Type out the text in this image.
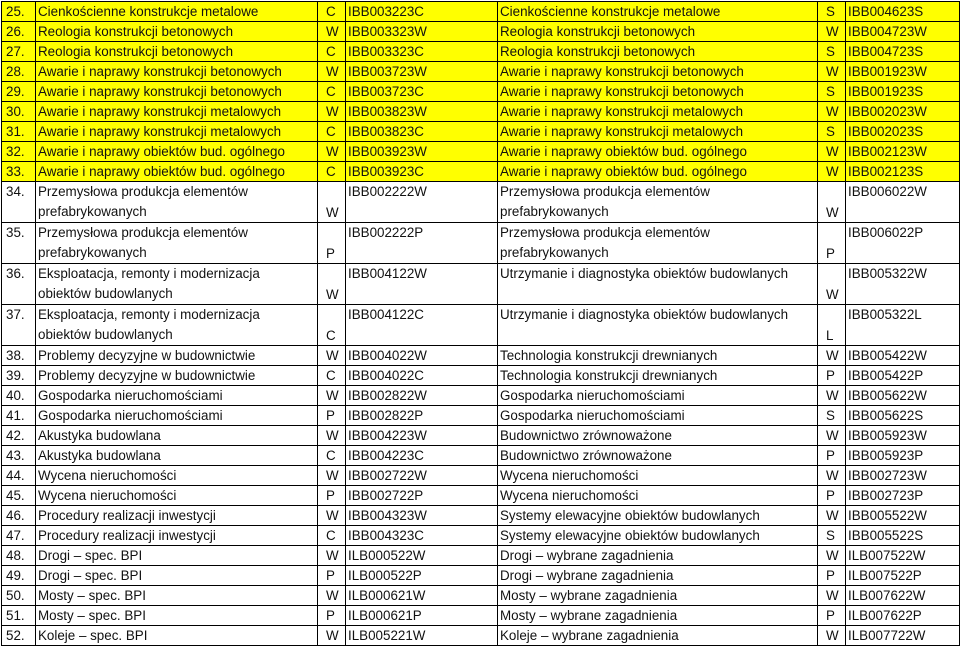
25.	Cienkościenne konstrukcje metalowe	C	IBB003223C	Cienkościenne konstrukcje metalowe	S	IBB004623S
26.	Reologia konstrukcji betonowych	W	IBB003323W	Reologia konstrukcji betonowych	W	IBB004723W
27.	Reologia konstrukcji betonowych	C	IBB003323C	Reologia konstrukcji betonowych	S	IBB004723S
28.	Awarie i naprawy konstrukcji betonowych	W	IBB003723W	Awarie i naprawy konstrukcji betonowych	W	IBB001923W
29.	Awarie i naprawy konstrukcji betonowych	C	IBB003723C	Awarie i naprawy konstrukcji betonowych	S	IBB001923S
30.	Awarie i naprawy konstrukcji metalowych	W	IBB003823W	Awarie i naprawy konstrukcji metalowych	W	IBB002023W
31.	Awarie i naprawy konstrukcji metalowych	C	IBB003823C	Awarie i naprawy konstrukcji metalowych	S	IBB002023S
32.	Awarie i naprawy obiektów bud. ogólnego	W	IBB003923W	Awarie i naprawy obiektów bud. ogólnego	W	IBB002123W
33.	Awarie i naprawy obiektów bud. ogólnego	C	IBB003923C	Awarie i naprawy obiektów bud. ogólnego	W	IBB002123S
34.	Przemysłowa produkcja elementów prefabrykowanych	W	IBB002222W	Przemysłowa produkcja elementów prefabrykowanych	W	IBB006022W
35.	Przemysłowa produkcja elementów prefabrykowanych	P	IBB002222P	Przemysłowa produkcja elementów prefabrykowanych	P	IBB006022P
36.	Eksploatacja, remonty i modernizacja obiektów budowlanych	W	IBB004122W	Utrzymanie i diagnostyka obiektów budowlanych	W	IBB005322W
37.	Eksploatacja, remonty i modernizacja obiektów budowlanych	C	IBB004122C	Utrzymanie i diagnostyka obiektów budowlanych	L	IBB005322L
38.	Problemy decyzyjne w budownictwie	W	IBB004022W	Technologia konstrukcji drewnianych	W	IBB005422W
39.	Problemy decyzyjne w budownictwie	C	IBB004022C	Technologia konstrukcji drewnianych	P	IBB005422P
40.	Gospodarka nieruchomościami	W	IBB002822W	Gospodarka nieruchomościami	W	IBB005622W
41.	Gospodarka nieruchomościami	P	IBB002822P	Gospodarka nieruchomościami	S	IBB005622S
42.	Akustyka budowlana	W	IBB004223W	Budownictwo zrównoważone	W	IBB005923W
43.	Akustyka budowlana	C	IBB004223C	Budownictwo zrównoważone	P	IBB005923P
44.	Wycena nieruchomości	W	IBB002722W	Wycena nieruchomości	W	IBB002723W
45.	Wycena nieruchomości	P	IBB002722P	Wycena nieruchomości	P	IBB002723P
46.	Procedury realizacji inwestycji	W	IBB004323W	Systemy elewacyjne obiektów budowlanych	W	IBB005522W
47.	Procedury realizacji inwestycji	C	IBB004323C	Systemy elewacyjne obiektów budowlanych	S	IBB005522S
48.	Drogi – spec. BPI	W	ILB000522W	Drogi – wybrane zagadnienia	W	ILB007522W
49.	Drogi – spec. BPI	P	ILB000522P	Drogi – wybrane zagadnienia	P	ILB007522P
50.	Mosty – spec. BPI	W	ILB000621W	Mosty – wybrane zagadnienia	W	ILB007622W
51.	Mosty – spec. BPI	P	ILB000621P	Mosty – wybrane zagadnienia	P	ILB007622P
52.	Koleje – spec. BPI	W	ILB005221W	Koleje – wybrane zagadnienia	W	ILB007722W
